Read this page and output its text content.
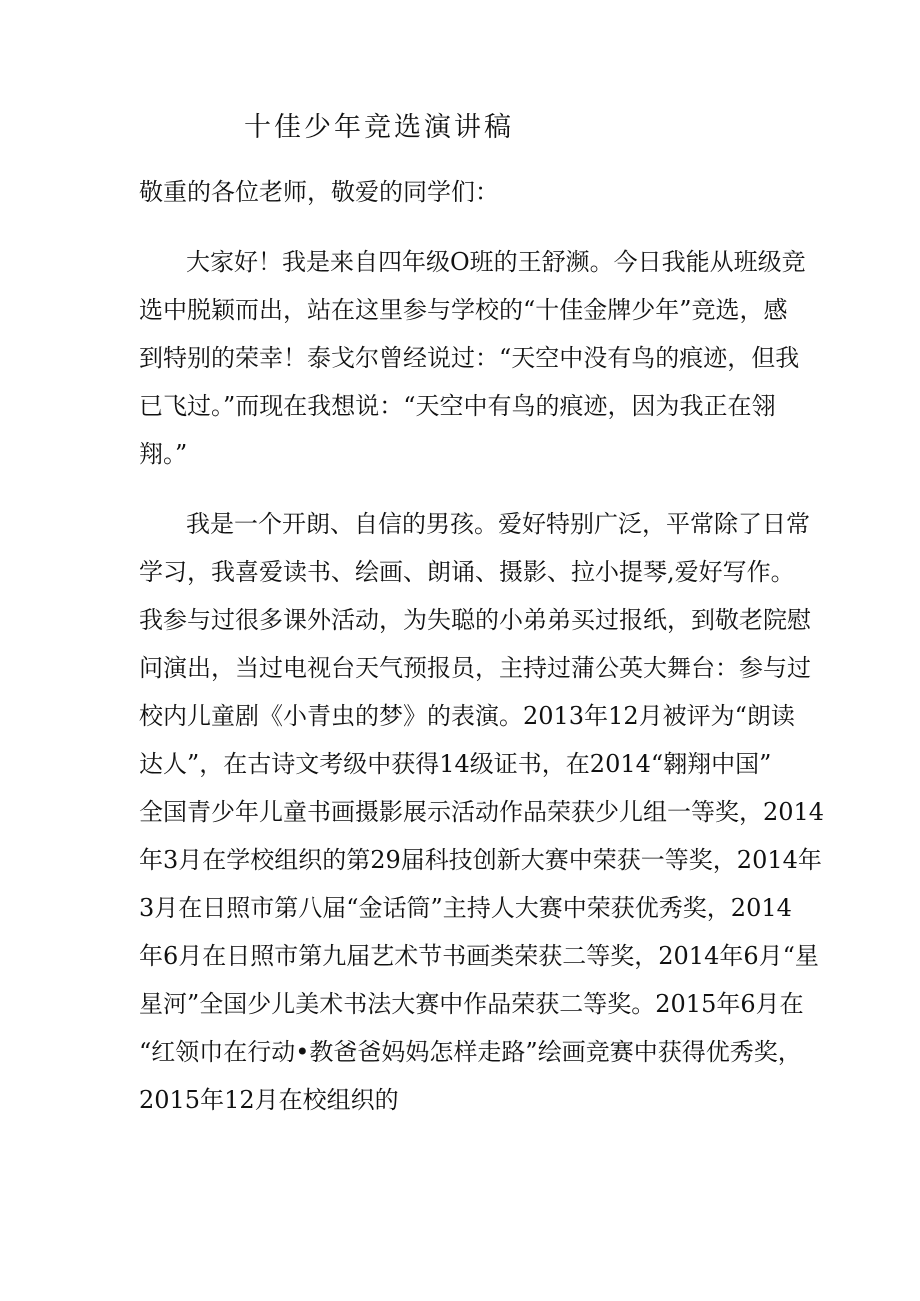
十佳少年竞选演讲稿

敬重的各位老师，敬爱的同学们：

大家好！我是来自四年级O班的王舒濒。今日我能从班级竞

选中脱颖而出，站在这里参与学校的“十佳金牌少年”竞选，感

到特别的荣幸！泰戈尔曾经说过：“天空中没有鸟的痕迹，但我

已飞过。”而现在我想说：“天空中有鸟的痕迹，因为我正在翎

翔。”

我是一个开朗、自信的男孩。爱好特别广泛，平常除了日常

学习，我喜爱读书、绘画、朗诵、摄影、拉小提琴,爱好写作。

我参与过很多课外活动，为失聪的小弟弟买过报纸，到敬老院慰

问演出，当过电视台天气预报员，主持过蒲公英大舞台：参与过

校内儿童剧《小青虫的梦》的表演。2013年12月被评为“朗读

达人”，在古诗文考级中获得14级证书，在2014“翱翔中国”

全国青少年儿童书画摄影展示活动作品荣获少儿组一等奖，2014

年3月在学校组织的第29届科技创新大赛中荣获一等奖，2014年

3月在日照市第八届“金话筒”主持人大赛中荣获优秀奖，2014

年6月在日照市第九届艺术节书画类荣获二等奖，2014年6月“星

星河”全国少儿美术书法大赛中作品荣获二等奖。2015年6月在

“红领巾在行动•教爸爸妈妈怎样走路”绘画竞赛中获得优秀奖，

2015年12月在校组织的
